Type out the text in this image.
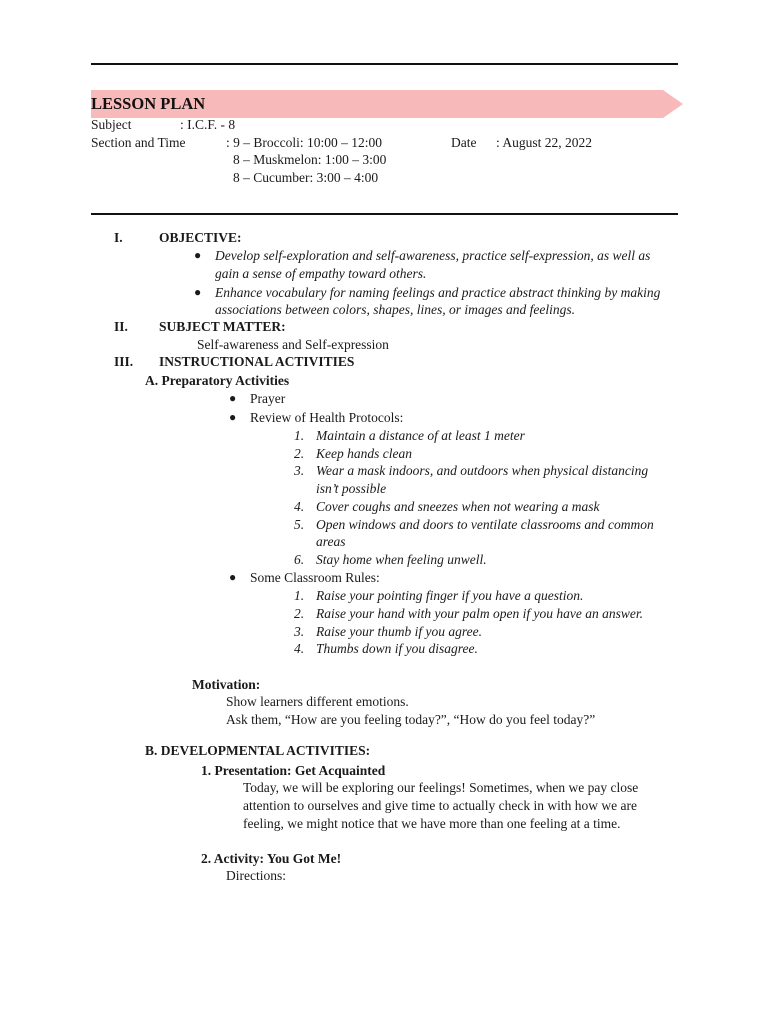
LESSON PLAN
Subject	: I.C.F. - 8
Section and Time	: 9 – Broccoli: 10:00 – 12:00
8 – Muskmelon: 1:00 – 3:00
8 – Cucumber: 3:00 – 4:00
Date : August 22, 2022
I.	OBJECTIVE:
● Develop self-exploration and self-awareness, practice self-expression, as well as
gain a sense of empathy toward others.
● Enhance vocabulary for naming feelings and practice abstract thinking by making
associations between colors, shapes, lines, or images and feelings.
II. SUBJECT MATTER:
Self-awareness and Self-expression
III. INSTRUCTIONAL ACTIVITIES
A. Preparatory Activities
● Prayer
● Review of Health Protocols:
1. Maintain a distance of at least 1 meter
2. Keep hands clean
3. Wear a mask indoors, and outdoors when physical distancing
isn’t possible
4. Cover coughs and sneezes when not wearing a mask
5. Open windows and doors to ventilate classrooms and common
areas
6. Stay home when feeling unwell.
● Some Classroom Rules:
1. Raise your pointing finger if you have a question.
2. Raise your hand with your palm open if you have an answer.
3. Raise your thumb if you agree.
4. Thumbs down if you disagree.
Motivation:
Show learners different emotions.
Ask them, “How are you feeling today?”, “How do you feel today?”
B. DEVELOPMENTAL ACTIVITIES:
1. Presentation: Get Acquainted
Today, we will be exploring our feelings! Sometimes, when we pay close
attention to ourselves and give time to actually check in with how we are
feeling, we might notice that we have more than one feeling at a time.
2. Activity: You Got Me!
Directions:
